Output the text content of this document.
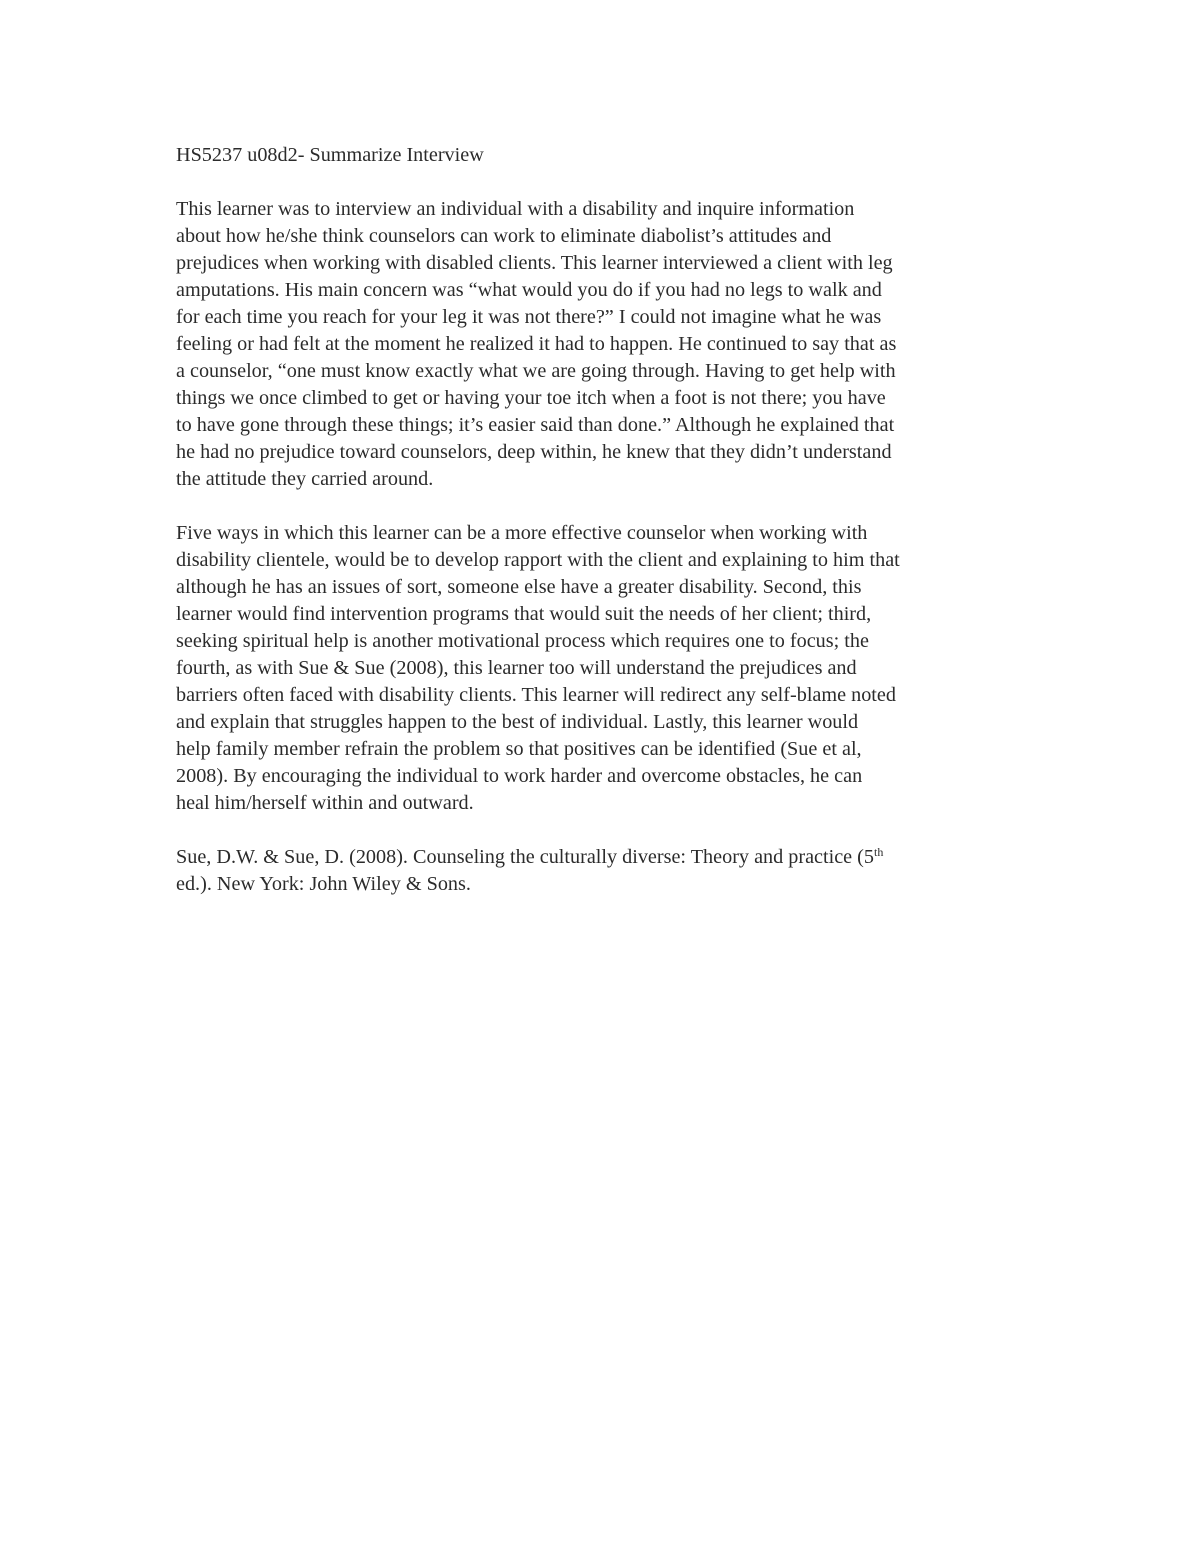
HS5237 u08d2- Summarize Interview
This learner was to interview an individual with a disability and inquire information
about how he/she think counselors can work to eliminate diabolist’s attitudes and
prejudices when working with disabled clients. This learner interviewed a client with leg
amputations. His main concern was “what would you do if you had no legs to walk and
for each time you reach for your leg it was not there?” I could not imagine what he was
feeling or had felt at the moment he realized it had to happen. He continued to say that as
a counselor, “one must know exactly what we are going through. Having to get help with
things we once climbed to get or having your toe itch when a foot is not there; you have
to have gone through these things; it’s easier said than done.” Although he explained that
he had no prejudice toward counselors, deep within, he knew that they didn’t understand
the attitude they carried around.
Five ways in which this learner can be a more effective counselor when working with
disability clientele, would be to develop rapport with the client and explaining to him that
although he has an issues of sort, someone else have a greater disability. Second, this
learner would find intervention programs that would suit the needs of her client; third,
seeking spiritual help is another motivational process which requires one to focus; the
fourth, as with Sue & Sue (2008), this learner too will understand the prejudices and
barriers often faced with disability clients. This learner will redirect any self-blame noted
and explain that struggles happen to the best of individual. Lastly, this learner would
help family member refrain the problem so that positives can be identified (Sue et al,
2008). By encouraging the individual to work harder and overcome obstacles, he can
heal him/herself within and outward.
Sue, D.W. & Sue, D. (2008). Counseling the culturally diverse: Theory and practice (5th
ed.). New York: John Wiley & Sons.
